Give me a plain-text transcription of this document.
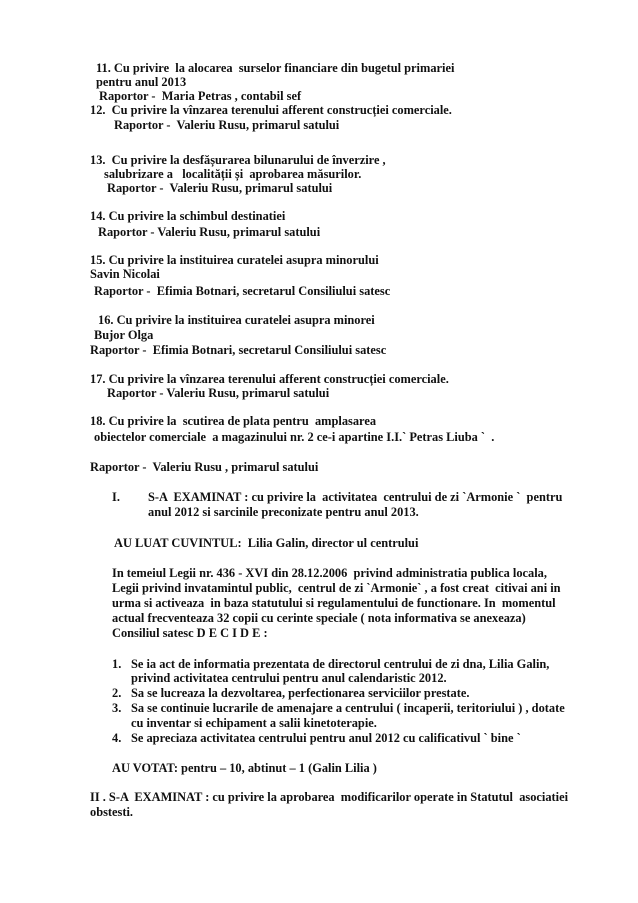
11. Cu privire  la alocarea  surselor financiare din bugetul primariei
pentru anul 2013
Raportor -  Maria Petras , contabil sef
12.  Cu privire la vînzarea terenului afferent construcției comerciale.
Raportor -  Valeriu Rusu, primarul satului
13.  Cu privire la desfășurarea bilunarului de înverzire ,
salubrizare a   localității și  aprobarea măsurilor.
Raportor -  Valeriu Rusu, primarul satului
14. Cu privire la schimbul destinatiei
Raportor - Valeriu Rusu, primarul satului
15. Cu privire la instituirea curatelei asupra minorului
Savin Nicolai
Raportor -  Efimia Botnari, secretarul Consiliului satesc
16. Cu privire la instituirea curatelei asupra minorei
Bujor Olga
Raportor -  Efimia Botnari, secretarul Consiliului satesc
17. Cu privire la vînzarea terenului afferent construcției comerciale.
Raportor - Valeriu Rusu, primarul satului
18. Cu privire la  scutirea de plata pentru  amplasarea
obiectelor comerciale  a magazinului nr. 2 ce-i apartine I.I.` Petras Liuba `  .
Raportor -  Valeriu Rusu , primarul satului
I. S-A  EXAMINAT : cu privire la  activitatea  centrului de zi `Armonie `  pentru
anul 2012 si sarcinile preconizate pentru anul 2013.
AU LUAT CUVINTUL:  Lilia Galin, director ul centrului
In temeiul Legii nr. 436 - XVI din 28.12.2006  privind administratia publica locala,
Legii privind invatamintul public,  centrul de zi `Armonie` , a fost creat  citivai ani in
urma si activeaza  in baza statutului si regulamentului de functionare. In  momentul
actual frecventeaza 32 copii cu cerinte speciale ( nota informativa se anexeaza)
Consiliul satesc D E C I D E :
1. Se ia act de informatia prezentata de directorul centrului de zi dna, Lilia Galin,
privind activitatea centrului pentru anul calendaristic 2012.
2. Sa se lucreaza la dezvoltarea, perfectionarea serviciilor prestate.
3. Sa se continuie lucrarile de amenajare a centrului ( incaperii, teritoriului ) , dotate
cu inventar si echipament a salii kinetoterapie.
4. Se apreciaza activitatea centrului pentru anul 2012 cu calificativul ` bine `
AU VOTAT: pentru – 10, abtinut – 1 (Galin Lilia )
II . S-A  EXAMINAT : cu privire la aprobarea  modificarilor operate in Statutul  asociatiei
obstesti.
